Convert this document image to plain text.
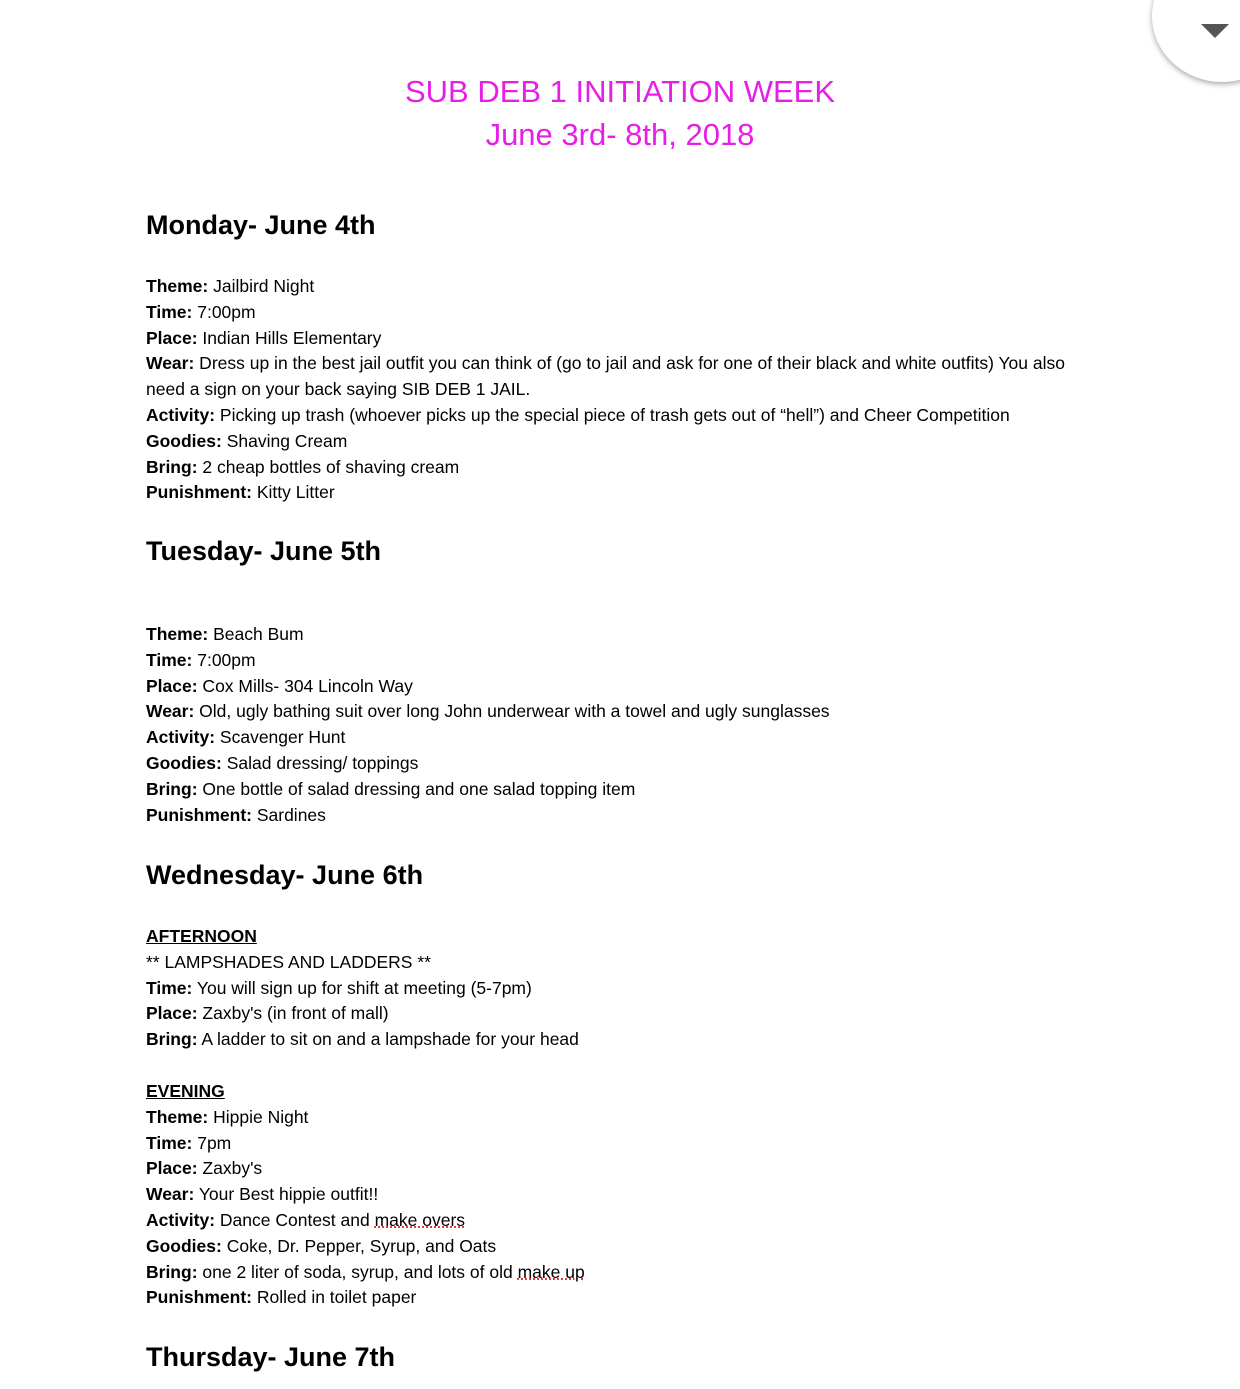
SUB DEB 1 INITIATION WEEK
June 3rd- 8th, 2018
Monday- June 4th
Theme: Jailbird Night
Time: 7:00pm
Place: Indian Hills Elementary
Wear: Dress up in the best jail outfit you can think of (go to jail and ask for one of their black and white outfits) You also need a sign on your back saying SIB DEB 1 JAIL.
Activity: Picking up trash (whoever picks up the special piece of trash gets out of “hell”) and Cheer Competition
Goodies: Shaving Cream
Bring: 2 cheap bottles of shaving cream
Punishment: Kitty Litter
Tuesday- June 5th
Theme: Beach Bum
Time: 7:00pm
Place: Cox Mills- 304 Lincoln Way
Wear: Old, ugly bathing suit over long John underwear with a towel and ugly sunglasses
Activity: Scavenger Hunt
Goodies: Salad dressing/ toppings
Bring: One bottle of salad dressing and one salad topping item
Punishment: Sardines
Wednesday- June 6th
AFTERNOON
** LAMPSHADES AND LADDERS **
Time: You will sign up for shift at meeting (5-7pm)
Place: Zaxby's (in front of mall)
Bring: A ladder to sit on and a lampshade for your head
EVENING
Theme: Hippie Night
Time: 7pm
Place: Zaxby's
Wear: Your Best hippie outfit!!
Activity: Dance Contest and make overs
Goodies: Coke, Dr. Pepper, Syrup, and Oats
Bring: one 2 liter of soda, syrup, and lots of old make up
Punishment: Rolled in toilet paper
Thursday- June 7th
